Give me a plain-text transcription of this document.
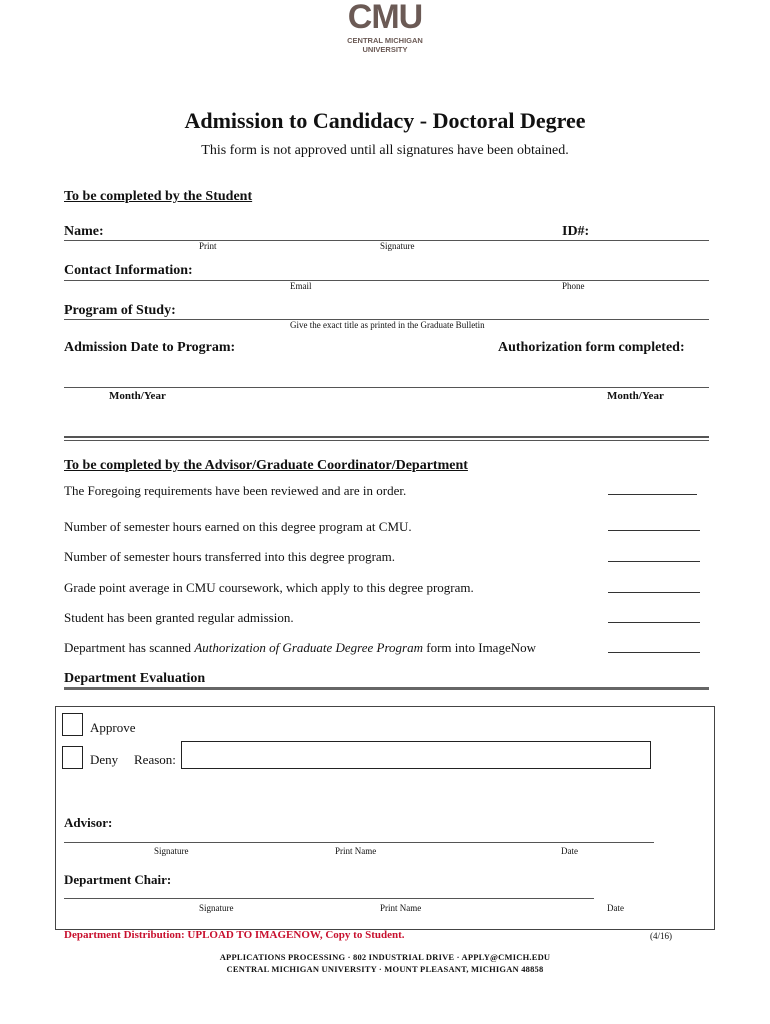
CMU
CENTRAL MICHIGAN
UNIVERSITY
Admission to Candidacy - Doctoral Degree
This form is not approved until all signatures have been obtained.
To be completed by the Student
Name:	ID#:
Print	Signature
Contact Information:
Email	Phone
Program of Study:
Give the exact title as printed in the Graduate Bulletin
Admission Date to Program:	Authorization form completed:
Month/Year	Month/Year
To be completed by the Advisor/Graduate Coordinator/Department
The Foregoing requirements have been reviewed and are in order.
Number of semester hours earned on this degree program at CMU.
Number of semester hours transferred into this degree program.
Grade point average in CMU coursework, which apply to this degree program.
Student has been granted regular admission.
Department has scanned Authorization of Graduate Degree Program form into ImageNow
Department Evaluation
Approve
Deny Reason:
Advisor:
Signature	Print Name	Date
Department Chair:
Signature	Print Name	Date
Department Distribution: UPLOAD TO IMAGENOW, Copy to Student.	(4/16)
APPLICATIONS PROCESSING · 802 INDUSTRIAL DRIVE · APPLY@CMICH.EDU
CENTRAL MICHIGAN UNIVERSITY · MOUNT PLEASANT, MICHIGAN 48858
